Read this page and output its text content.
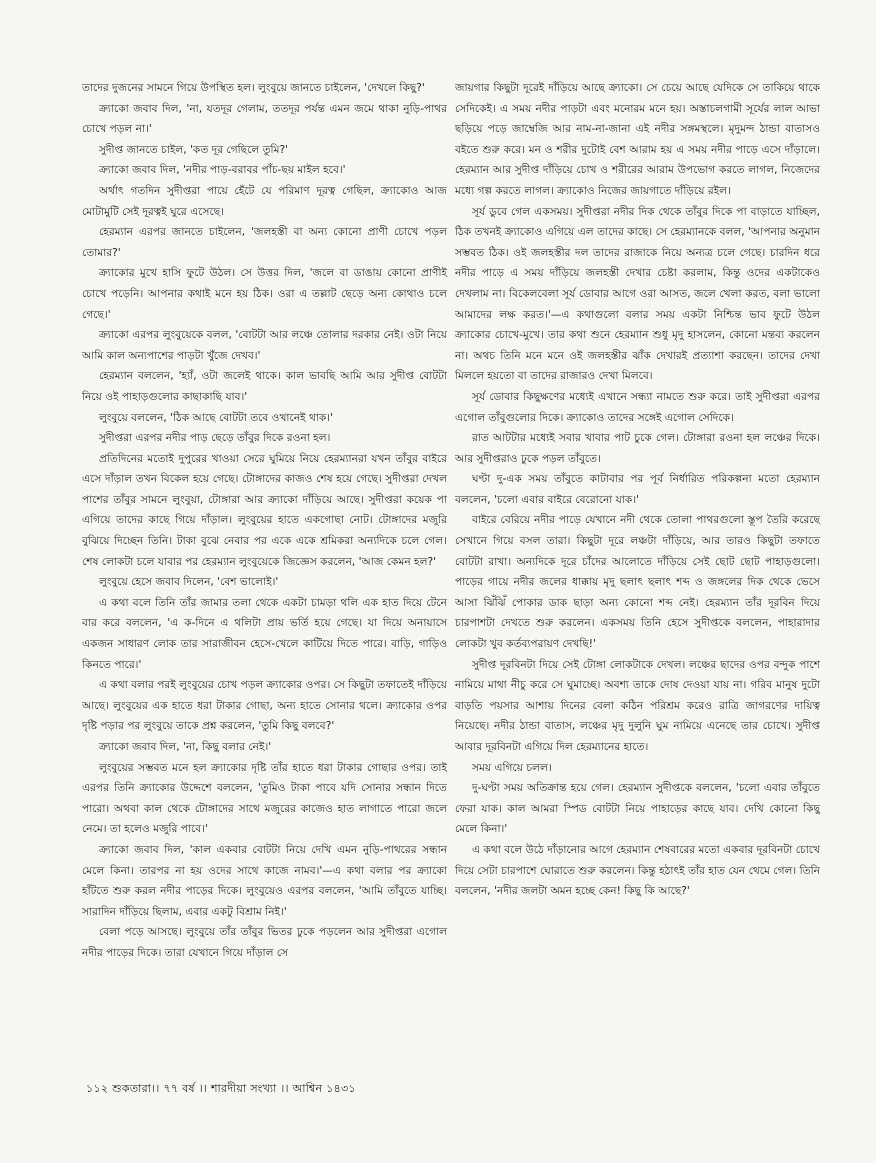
তাদের দুজনের সামনে গিয়ে উপস্থিত হল। লুংবুয়ে জানতে চাইলেন, 'দেখলে কিছু?'

ক্র্যাকো জবাব দিল, 'না, যতদূর গেলাম, ততদূর পর্যন্ত এমন জমে থাকা নুড়ি-পাথর চোখে পড়ল না।'

সুদীপ্ত জানতে চাইল, 'কত দূর গেছিলে তুমি?'

ক্র্যাকো জবাব দিল, 'নদীর পাড়-বরাবর পাঁচ-ছয় মাইল হবে।'

অর্থাৎ গতদিন সুদীপ্তরা পায়ে হেঁটে যে পরিমাণ দূরত্ব গেছিল, ক্র্যাকোও আজ মোটামুটি সেই দূরত্বই ঘুরে এসেছে।

হেরম্যান এরপর জানতে চাইলেন, 'জলহস্তী বা অন্য কোনো প্রাণী চোখে পড়ল তোমার?'

ক্র্যাকোর মুখে হাসি ফুটে উঠল। সে উত্তর দিল, 'জলে বা ডাঙায় কোনো প্রাণীই চোখে পড়েনি। আপনার কথাই মনে হয় ঠিক। ওরা এ তল্লাট ছেড়ে অন্য কোথাও চলে গেছে।'

ক্র্যাকো এরপর লুংবুয়েকে বলল, 'বোটটা আর লঞ্চে তোলার দরকার নেই। ওটা নিয়ে আমি কাল অন্যপাশের পাড়টা খুঁজে দেখব।'

হেরম্যান বললেন, 'হ্যাঁ, ওটা জলেই থাকে। কাল ভাবছি আমি আর সুদীপ্ত বোটটা নিয়ে ওই পাহাড়গুলোর কাছাকাছি যাব।'

লুংবুয়ে বললেন, 'ঠিক আছে বোটটা তবে ওখানেই থাক।'

সুদীপ্তরা এরপর নদীর পাড় ছেড়ে তাঁবুর দিকে রওনা হল।

প্রতিদিনের মতোই দুপুরের খাওয়া সেরে ঘুমিয়ে নিয়ে হেরম্যানরা যখন তাঁবুর বাইরে এসে দাঁড়াল তখন বিকেল হয়ে গেছে। টোঙ্গাদের কাজও শেষ হয়ে গেছে। সুদীপ্তরা দেখল পাশের তাঁবুর সামনে লুংবুয়া, টোঙ্গারা আর ক্র্যাকো দাঁড়িয়ে আছে। সুদীপ্তরা কয়েক পা এগিয়ে তাদের কাছে গিয়ে দাঁড়াল। লুংবুয়ের হাতে একগোছা নোট। টোঙ্গাদের মজুরি বুঝিয়ে দিচ্ছেন তিনি। টাকা বুঝে নেবার পর একে একে শ্রমিকরা অন্যদিকে চলে গেল। শেষ লোকটা চলে যাবার পর হেরম্যান লুংবুয়েকে জিজ্ঞেস করলেন, 'আজ কেমন হল?'

লুংবুয়ে হেসে জবাব দিলেন, 'বেশ ভালোই।'

এ কথা বলে তিনি তাঁর জামার তলা থেকে একটা চামড়া থলি এক হাত দিয়ে টেনে বার করে বললেন, 'এ ক-দিনে এ থলিটা প্রায় ভর্তি হয়ে গেছে। যা দিয়ে অনায়াসে একজন সাধারণ লোক তার সারাজীবন হেসে-খেলে কাটিয়ে দিতে পারে। বাড়ি, গাড়িও কিনতে পারে।'

এ কথা বলার পরই লুংবুয়ের চোখ পড়ল ক্র্যাকোর ওপর। সে কিছুটা তফাতেই দাঁড়িয়ে আছে। লুংবুয়ের এক হাতে ধরা টাকার গোছা, অন্য হাতে সোনার থলে। ক্র্যাকোর ওপর দৃষ্টি পড়ার পর লুংবুয়ে তাকে প্রশ্ন করলেন, 'তুমি কিছু বলবে?'

ক্র্যাকো জবাব দিল, 'না, কিছু বলার নেই।'

লুংবুয়ের সম্ভবত মনে হল ক্র্যাকোর দৃষ্টি তাঁর হাতে ধরা টাকার গোছার ওপর। তাই এরপর তিনি ক্র্যাকোর উদ্দেশে বললেন, 'তুমিও টাকা পাবে যদি সোনার সন্ধান দিতে পারো। অথবা কাল থেকে টোঙ্গাদের সাথে মজুরের কাজেও হাত লাগাতে পারো জলে নেমে। তা হলেও মজুরি পাবে।'

ক্র্যাকো জবাব দিল, 'কাল একবার বোটটা নিয়ে দেখি এমন নুড়ি-পাথরের সন্ধান মেলে কিনা। তারপর না হয় ওদের সাথে কাজে নামব।'—এ কথা বলার পর ক্র্যাকো হাঁটতে শুরু করল নদীর পাড়ের দিকে। লুংবুয়েও এরপর বললেন, 'আমি তাঁবুতে যাচ্ছি। সারাদিন দাঁড়িয়ে ছিলাম, এবার একটু বিশ্রাম নিই।'

বেলা পড়ে আসছে। লুংবুয়ে তাঁর তাঁবুর ভিতর ঢুকে পড়লেন আর সুদীপ্তরা এগোল নদীর পাড়ের দিকে। তারা যেখানে গিয়ে দাঁড়াল সে

জায়গার কিছুটা দূরেই দাঁড়িয়ে আছে ক্র্যাকো। সে চেয়ে আছে যেদিকে সে তাকিয়ে থাকে সেদিকেই। এ সময় নদীর পাড়টা এবং মনোরম মনে হয়। অস্তাচলগামী সূর্যের লাল আভা ছড়িয়ে পড়ে জাম্বেজি আর নাম-না-জানা এই নদীর সঙ্গমস্থলে। মৃদুমন্দ ঠান্ডা বাতাসও বইতে শুরু করে। মন ও শরীর দুটোই বেশ আরাম হয় এ সময় নদীর পাড়ে এসে দাঁড়ালে। হেরম্যান আর সুদীপ্ত দাঁড়িয়ে চোখ ও শরীরের আরাম উপভোগ করতে লাগল, নিজেদের মধ্যে গল্প করতে লাগল। ক্র্যাকোও নিজের জায়গাতে দাঁড়িয়ে রইল।

সূর্য ডুবে গেল একসময়। সুদীপ্তরা নদীর দিক থেকে তাঁবুর দিকে পা বাড়াতে যাচ্ছিল, ঠিক তখনই ক্র্যাকোও এগিয়ে এল তাদের কাছে। সে হেরম্যানকে বলল, 'আপনার অনুমান সম্ভবত ঠিক। ওই জলহস্তীর দল তাদের রাজাকে নিয়ে অন্যত্র চলে গেছে। চারদিন ধরে নদীর পাড়ে এ সময় দাঁড়িয়ে জলহস্তী দেখার চেষ্টা করলাম, কিন্তু ওদের একটাকেও দেখলাম না। বিকেলবেলা সূর্য ডোবার আগে ওরা আসত, জলে খেলা করত, বলা ভালো আমাদের লক্ষ করত।'—এ কথাগুলো বলার সময় একটা নিশ্চিন্ত ভাব ফুটে উঠল ক্র্যাকোর চোখে-মুখে। তার কথা শুনে হেরম্যান শুধু মৃদু হাসলেন, কোনো মন্তব্য করলেন না। অথচ তিনি মনে মনে ওই জলহস্তীর ঝাঁক দেখারই প্রত্যাশা করছেন। তাদের দেখা মিললে হয়তো বা তাদের রাজারও দেখা মিলবে।

সূর্য ডোবার কিছুক্ষণের মধ্যেই এখানে সন্ধ্যা নামতে শুরু করে। তাই সুদীপ্তরা এরপর এগোল তাঁবুগুলোর দিকে। ক্র্যাকোও তাদের সঙ্গেই এগোল সেদিকে।

রাত আটটার মধ্যেই সবার খাবার পাট চুকে গেল। টোঙ্গারা রওনা হল লঞ্চের দিকে। আর সুদীপ্তরাও ঢুকে পড়ল তাঁবুতে।

ঘণ্টা দু-এক সময় তাঁবুতে কাটাবার পর পূর্ব নির্ধারিত পরিকল্পনা মতো হেরম্যান বললেন, 'চলো এবার বাইরে বেরোনো যাক।'

বাইরে বেরিয়ে নদীর পাড়ে যেখানে নদী থেকে তোলা পাথরগুলো স্তূপ তৈরি করেছে সেখানে গিয়ে বসল তারা। কিছুটা দূরে লঞ্চটা দাঁড়িয়ে, আর তারও কিছুটা তফাতে বোটটা রাখা। অন্যদিকে দূরে চাঁদের আলোতে দাঁড়িয়ে সেই ছোট ছোট পাহাড়গুলো। পাড়ের গায়ে নদীর জলের ধাক্কায় মৃদু ছলাৎ ছলাৎ শব্দ ও জঙ্গলের দিক থেকে ভেসে আসা ঝিঁঝিঁ পোকার ডাক ছাড়া অন্য কোনো শব্দ নেই। হেরম্যান তাঁর দূরবিন দিয়ে চারপাশটা দেখতে শুরু করলেন। একসময় তিনি হেসে সুদীপ্তকে বললেন, পাহারাদার লোকটা খুব কর্তব্যপরায়ণ দেখছি!'

সুদীপ্ত দূরবিনটা দিয়ে সেই টোঙ্গা লোকটাকে দেখল। লঞ্চের ছাদের ওপর বন্দুক পাশে নামিয়ে মাথা নীচু করে সে ঘুমাচ্ছে। অবশ্য তাকে দোষ দেওয়া যায় না। গরিব মানুষ দুটো বাড়তি পয়সার আশায় দিনের বেলা কঠিন পরিশ্রম করেও রাত্রি জাগরণের দায়িত্ব নিয়েছে। নদীর ঠান্ডা বাতাস, লঞ্চের মৃদু দুলুনি ঘুম নামিয়ে এনেছে তার চোখে। সুদীপ্ত আবার দূরবিনটা এগিয়ে দিল হেরম্যানের হাতে।

সময় এগিয়ে চলল।

দু-ঘণ্টা সময় অতিক্রান্ত হয়ে গেল। হেরম্যান সুদীপ্তকে বললেন, 'চলো এবার তাঁবুতে ফেরা যাক। কাল আমরা স্পিড বোটটা নিয়ে পাহাড়ের কাছে যাব। দেখি কোনো কিছু মেলে কিনা।'

এ কথা বলে উঠে দাঁড়ানোর আগে হেরম্যান শেষবারের মতো একবার দূরবিনটা চোখে দিয়ে সেটা চারপাশে ঘোরাতে শুরু করলেন। কিন্তু হঠাৎই তাঁর হাত যেন থেমে গেল। তিনি বললেন, 'নদীর জলটা অমন হচ্ছে কেন! কিছু কি আছে?'

১১২ শুকতারা।। ৭৭ বর্ষ ।। শারদীয়া সংখ্যা ।। আশ্বিন ১৪৩১
